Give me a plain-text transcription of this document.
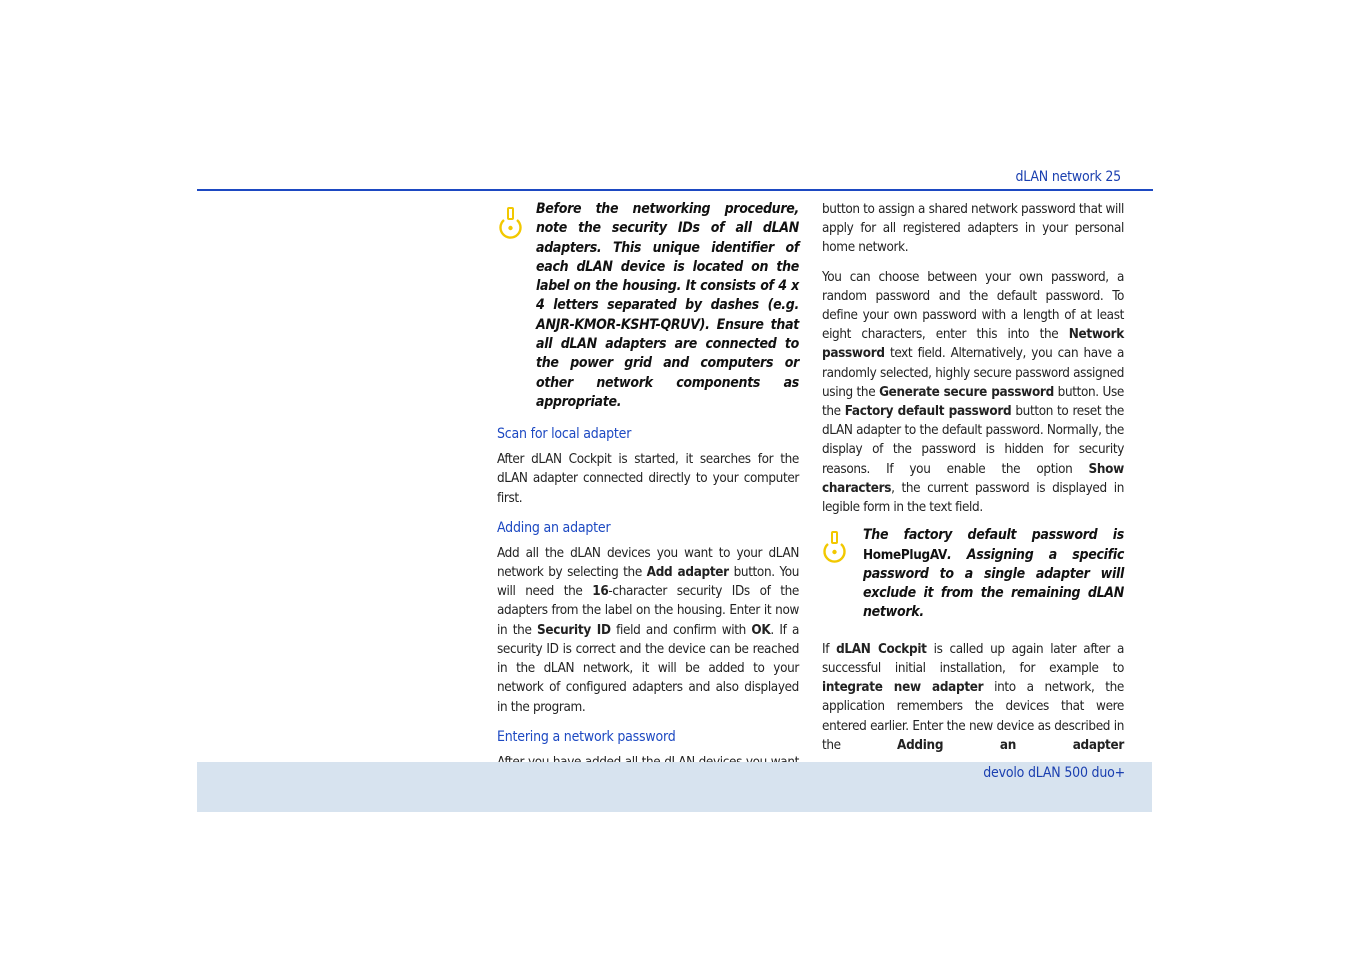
dLAN network 25

Before the networking procedure, note the security IDs of all dLAN adapters. This unique identifier of each dLAN device is located on the label on the housing. It consists of 4 x 4 letters separated by dashes (e.g. ANJR-KMOR-KSHT-QRUV). Ensure that all dLAN adapters are connected to the power grid and computers or other network components as appropriate.

Scan for local adapter

After dLAN Cockpit is started, it searches for the dLAN adapter connected directly to your computer first.

Adding an adapter

Add all the dLAN devices you want to your dLAN network by selecting the Add adapter button. You will need the 16-character security IDs of the adapters from the label on the housing. Enter it now in the Security ID field and confirm with OK. If a security ID is correct and the device can be reached in the dLAN network, it will be added to your network of configured adapters and also displayed in the program.

Entering a network password

button to assign a shared network password that will apply for all registered adapters in your personal home network.

You can choose between your own password, a random password and the default password. To define your own password with a length of at least eight characters, enter this into the Network password text field. Alternatively, you can have a randomly selected, highly secure password assigned using the Generate secure password button. Use the Factory default password button to reset the dLAN adapter to the default password. Normally, the display of the password is hidden for security reasons. If you enable the option Show characters, the current password is displayed in legible form in the text field.

The factory default password is HomePlugAV. Assigning a specific password to a single adapter will exclude it from the remaining dLAN network.

If dLAN Cockpit is called up again later after a successful initial installation, for example to integrate new adapter into a network, the application remembers the devices that were entered earlier. Enter the new device as described in the Adding an adapter

devolo dLAN 500 duo+
